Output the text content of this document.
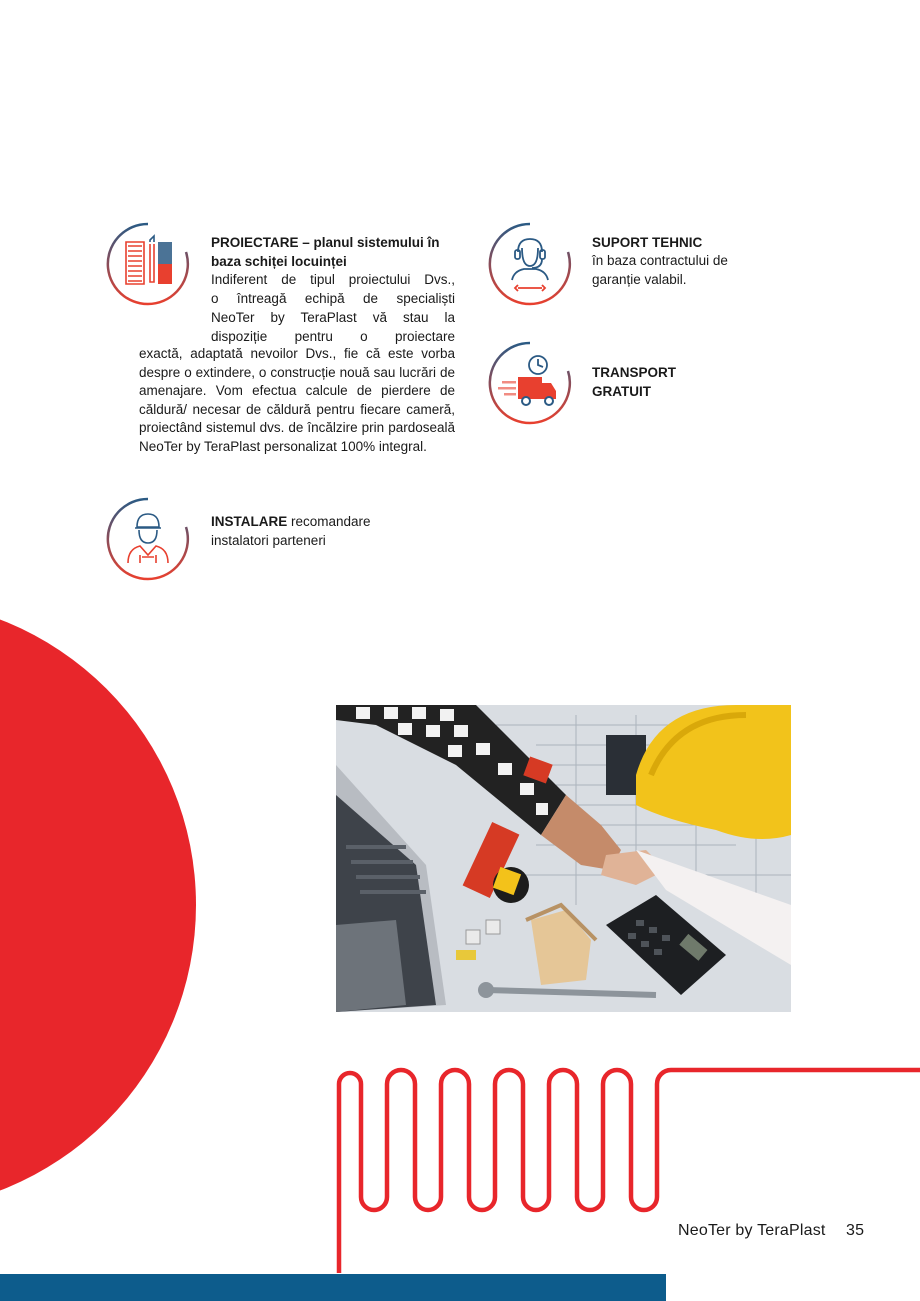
PROIECTARE – planul sistemului în baza schiței locuinței
Indiferent de tipul proiectului Dvs.,
o întreagă echipă de specialiști
NeoTer by TeraPlast vă stau la
dispoziție pentru o proiectare
exactă, adaptată nevoilor Dvs., fie că este vorba despre o extindere, o construcție nouă sau lucrări de amenajare. Vom efectua calcule de pierdere de căldură/ necesar de căldură pentru fiecare cameră, proiectând sistemul dvs. de încălzire prin pardoseală NeoTer by TeraPlast personalizat 100% integral.
INSTALARE recomandare instalatori parteneri
SUPORT TEHNIC
în baza contractului de garanție valabil.
TRANSPORT GRATUIT
NeoTer by TeraPlast 35
